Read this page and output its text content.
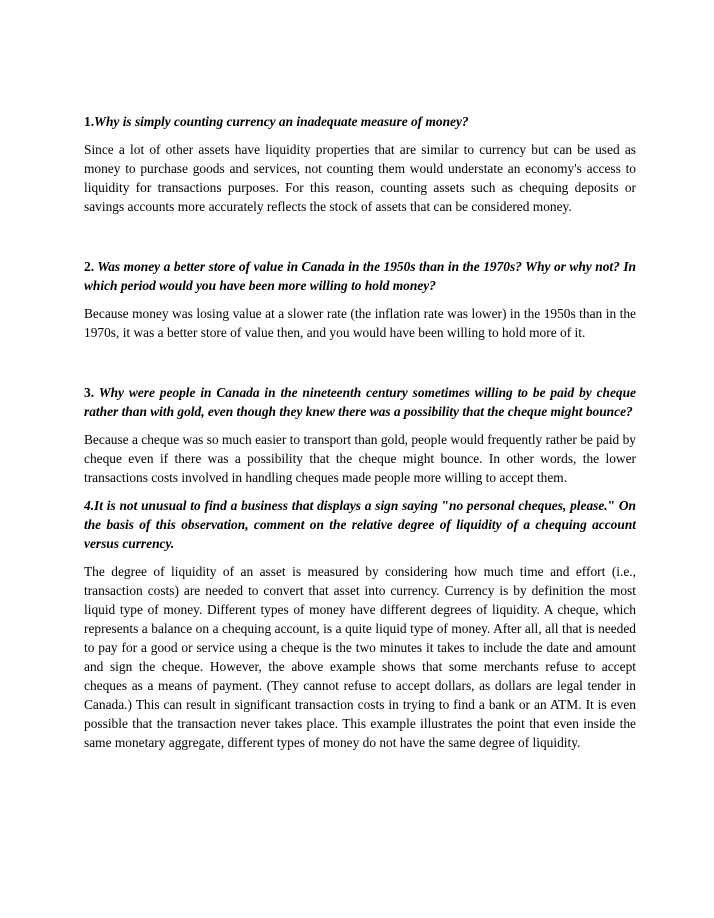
1.Why is simply counting currency an inadequate measure of money?

Since a lot of other assets have liquidity properties that are similar to currency but can be used as money to purchase goods and services, not counting them would understate an economy's access to liquidity for transactions purposes. For this reason, counting assets such as chequing deposits or savings accounts more accurately reflects the stock of assets that can be considered money.

2. Was money a better store of value in Canada in the 1950s than in the 1970s? Why or why not? In which period would you have been more willing to hold money?

Because money was losing value at a slower rate (the inflation rate was lower) in the 1950s than in the 1970s, it was a better store of value then, and you would have been willing to hold more of it.

3. Why were people in Canada in the nineteenth century sometimes willing to be paid by cheque rather than with gold, even though they knew there was a possibility that the cheque might bounce?

Because a cheque was so much easier to transport than gold, people would frequently rather be paid by cheque even if there was a possibility that the cheque might bounce. In other words, the lower transactions costs involved in handling cheques made people more willing to accept them.

4.It is not unusual to find a business that displays a sign saying "no personal cheques, please." On the basis of this observation, comment on the relative degree of liquidity of a chequing account versus currency.

The degree of liquidity of an asset is measured by considering how much time and effort (i.e., transaction costs) are needed to convert that asset into currency. Currency is by definition the most liquid type of money. Different types of money have different degrees of liquidity. A cheque, which represents a balance on a chequing account, is a quite liquid type of money. After all, all that is needed to pay for a good or service using a cheque is the two minutes it takes to include the date and amount and sign the cheque. However, the above example shows that some merchants refuse to accept cheques as a means of payment. (They cannot refuse to accept dollars, as dollars are legal tender in Canada.) This can result in significant transaction costs in trying to find a bank or an ATM. It is even possible that the transaction never takes place. This example illustrates the point that even inside the same monetary aggregate, different types of money do not have the same degree of liquidity.
